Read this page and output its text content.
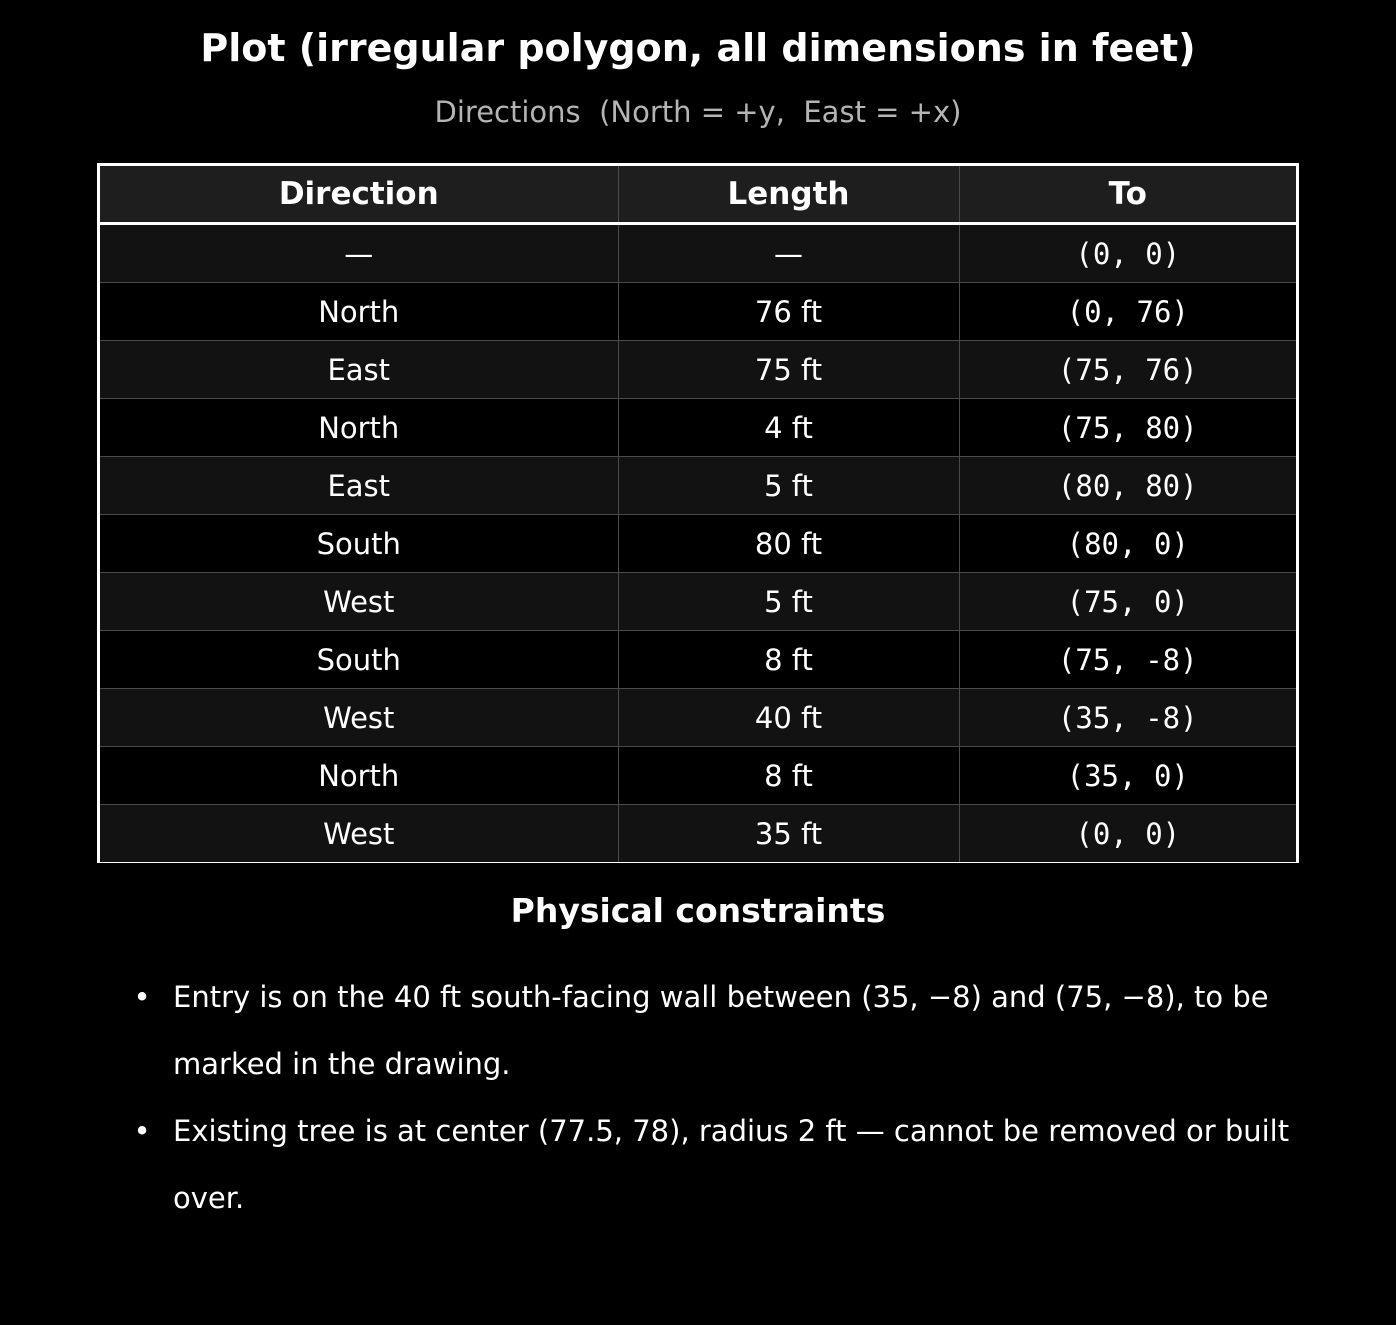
Plot (irregular polygon, all dimensions in feet)
Directions  (North = +y,  East = +x)
Direction	Length	To
—	—	(0, 0)
North	76 ft	(0, 76)
East	75 ft	(75, 76)
North	4 ft	(75, 80)
East	5 ft	(80, 80)
South	80 ft	(80, 0)
West	5 ft	(75, 0)
South	8 ft	(75, -8)
West	40 ft	(35, -8)
North	8 ft	(35, 0)
West	35 ft	(0, 0)
Physical constraints
• Entry is on the 40 ft south-facing wall between (35, −8) and (75, −8), to be marked in the drawing.
• Existing tree is at center (77.5, 78), radius 2 ft — cannot be removed or built over.
